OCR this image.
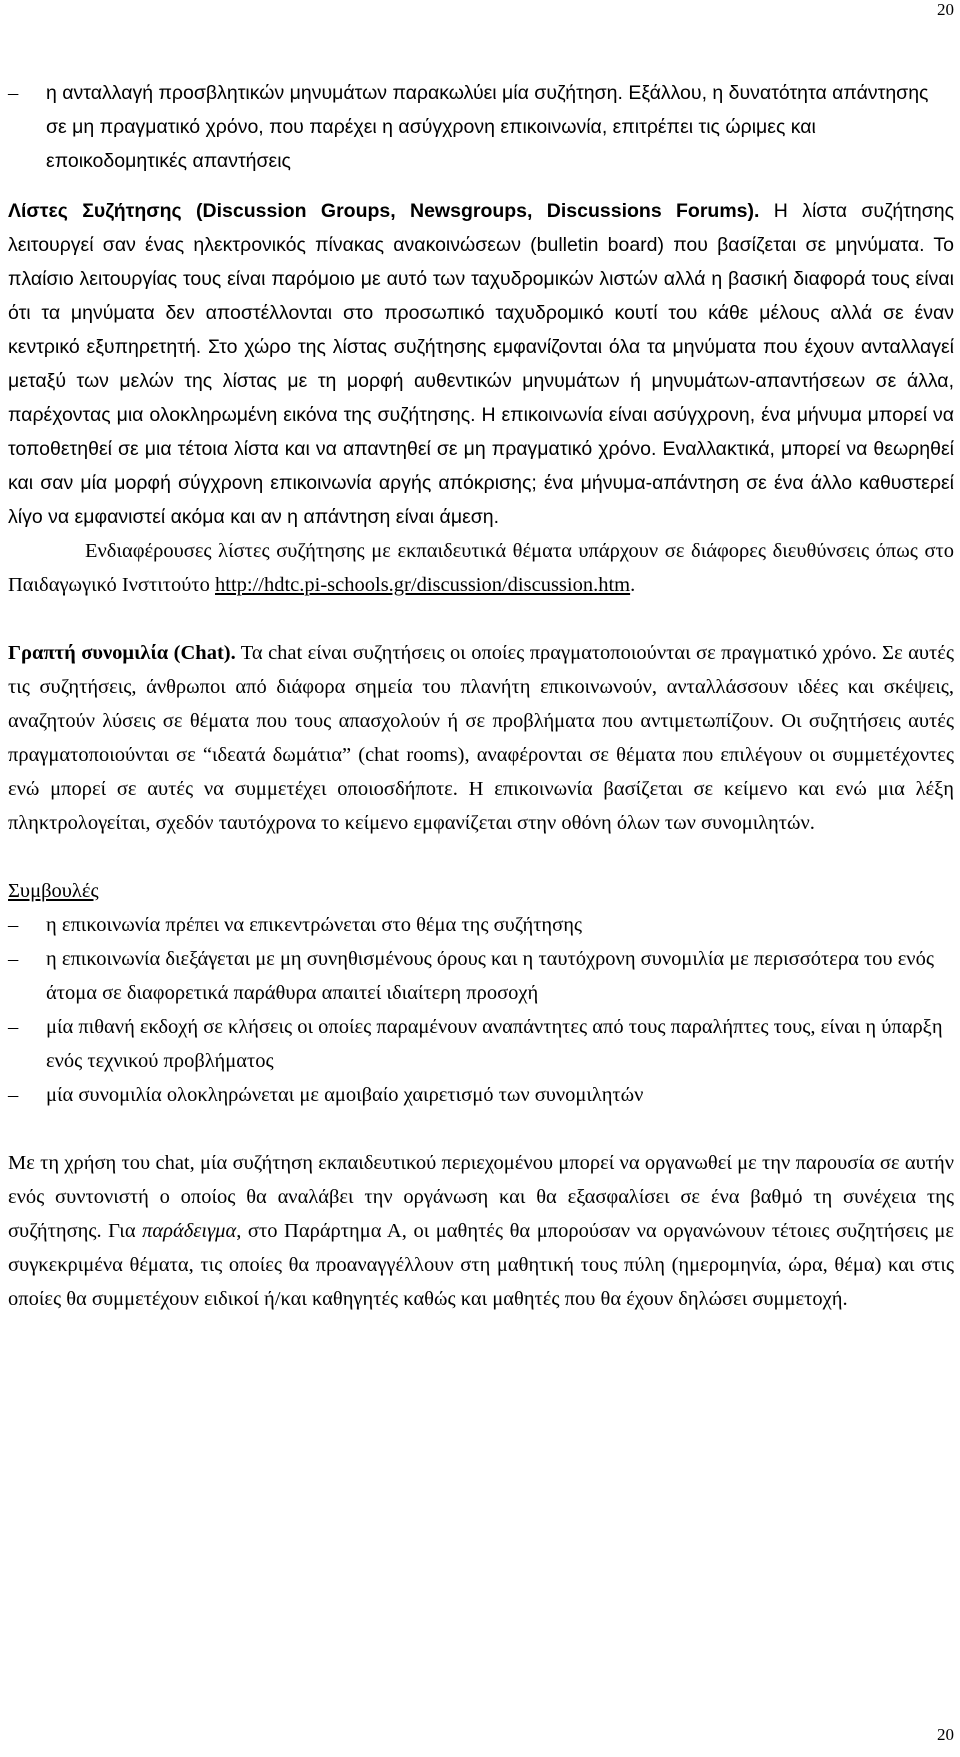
20
–	η ανταλλαγή προσβλητικών μηνυμάτων παρακωλύει μία συζήτηση. Εξάλλου, η δυνατότητα απάντησης σε μη πραγματικό χρόνο, που παρέχει η ασύγχρονη επικοινωνία, επιτρέπει τις ώριμες και εποικοδομητικές απαντήσεις

Λίστες Συζήτησης (Discussion Groups, Newsgroups, Discussions Forums). Η λίστα συζήτησης λειτουργεί σαν ένας ηλεκτρονικός πίνακας ανακοινώσεων (bulletin board) που βασίζεται σε μηνύματα. Το πλαίσιο λειτουργίας τους είναι παρόμοιο με αυτό των ταχυδρομικών λιστών αλλά η βασική διαφορά τους είναι ότι τα μηνύματα δεν αποστέλλονται στο προσωπικό ταχυδρομικό κουτί του κάθε μέλους αλλά σε έναν κεντρικό εξυπηρετητή. Στο χώρο της λίστας συζήτησης εμφανίζονται όλα τα μηνύματα που έχουν ανταλλαγεί μεταξύ των μελών της λίστας με τη μορφή αυθεντικών μηνυμάτων ή μηνυμάτων-απαντήσεων σε άλλα, παρέχοντας μια ολοκληρωμένη εικόνα της συζήτησης. Η επικοινωνία είναι ασύγχρονη, ένα μήνυμα μπορεί να τοποθετηθεί σε μια τέτοια λίστα και να απαντηθεί σε μη πραγματικό χρόνο. Εναλλακτικά, μπορεί να θεωρηθεί και σαν μία μορφή σύγχρονη επικοινωνία αργής απόκρισης; ένα μήνυμα-απάντηση σε ένα άλλο καθυστερεί λίγο να εμφανιστεί ακόμα και αν η απάντηση είναι άμεση.

Ενδιαφέρουσες λίστες συζήτησης με εκπαιδευτικά θέματα υπάρχουν σε διάφορες διευθύνσεις όπως στο Παιδαγωγικό Ινστιτούτο http://hdtc.pi-schools.gr/discussion/discussion.htm.

Γραπτή συνομιλία (Chat). Τα chat είναι συζητήσεις οι οποίες πραγματοποιούνται σε πραγματικό χρόνο. Σε αυτές τις συζητήσεις, άνθρωποι από διάφορα σημεία του πλανήτη επικοινωνούν, ανταλλάσσουν ιδέες και σκέψεις, αναζητούν λύσεις σε θέματα που τους απασχολούν ή σε προβλήματα που αντιμετωπίζουν. Οι συζητήσεις αυτές πραγματοποιούνται σε “ιδεατά δωμάτια” (chat rooms), αναφέρονται σε θέματα που επιλέγουν οι συμμετέχοντες ενώ μπορεί σε αυτές να συμμετέχει οποιοσδήποτε. Η επικοινωνία βασίζεται σε κείμενο και ενώ μια λέξη πληκτρολογείται, σχεδόν ταυτόχρονα το κείμενο εμφανίζεται στην οθόνη όλων των συνομιλητών.

Συμβουλές

–	η επικοινωνία πρέπει να επικεντρώνεται στο θέμα της συζήτησης
–	η επικοινωνία διεξάγεται με μη συνηθισμένους όρους και η ταυτόχρονη συνομιλία με περισσότερα του ενός άτομα σε διαφορετικά παράθυρα απαιτεί ιδιαίτερη προσοχή
–	μία πιθανή εκδοχή σε κλήσεις οι οποίες παραμένουν αναπάντητες από τους παραλήπτες τους, είναι η ύπαρξη ενός τεχνικού προβλήματος
–	μία συνομιλία ολοκληρώνεται με αμοιβαίο χαιρετισμό των συνομιλητών

Με τη χρήση του chat, μία συζήτηση εκπαιδευτικού περιεχομένου μπορεί να οργανωθεί με την παρουσία σε αυτήν ενός συντονιστή ο οποίος θα αναλάβει την οργάνωση και θα εξασφαλίσει σε ένα βαθμό τη συνέχεια της συζήτησης. Για παράδειγμα, στο Παράρτημα Α, οι μαθητές θα μπορούσαν να οργανώνουν τέτοιες συζητήσεις με συγκεκριμένα θέματα, τις οποίες θα προαναγγέλλουν στη μαθητική τους πύλη (ημερομηνία, ώρα, θέμα) και στις οποίες θα συμμετέχουν ειδικοί ή/και καθηγητές καθώς και μαθητές που θα έχουν δηλώσει συμμετοχή.

20
